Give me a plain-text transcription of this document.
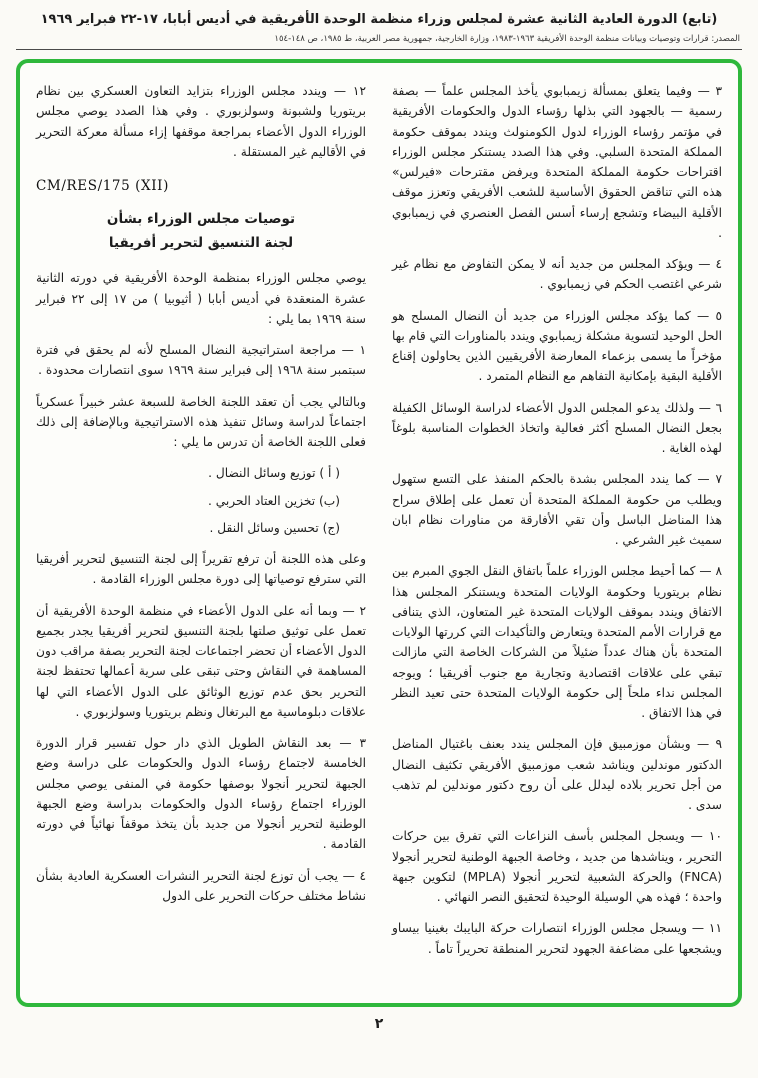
(تابع) الدورة العادية الثانية عشرة لمجلس وزراء منظمة الوحدة الأفريقية في أديس أبابا، ١٧-٢٢ فبراير ١٩٦٩
المصدر: قرارات وتوصيات وبيانات منظمة الوحدة الأفريقية ١٩٦٣-١٩٨٣، وزارة الخارجية، جمهورية مصر العربية، ط ١٩٨٥، ص ١٤٨-١٥٤

٣ — وفيما يتعلق بمسألة زيمبابوي يأخذ المجلس علماً — بصفة رسمية — بالجهود التي بذلها رؤساء الدول والحكومات الأفريقية في مؤتمر رؤساء الوزراء لدول الكومنولث ويندد بموقف حكومة المملكة المتحدة السلبي. وفي هذا الصدد يستنكر مجلس الوزراء اقتراحات حكومة المملكة المتحدة ويرفض مقترحات «فيرلس» هذه التي تناقض الحقوق الأساسية للشعب الأفريقي وتعزز موقف الأقلية البيضاء وتشجع إرساء أسس الفصل العنصري في زيمبابوي .

٤ — ويؤكد المجلس من جديد أنه لا يمكن التفاوض مع نظام غير شرعي اغتصب الحكم في زيمبابوي .

٥ — كما يؤكد مجلس الوزراء من جديد أن النضال المسلح هو الحل الوحيد لتسوية مشكلة زيمبابوي ويندد بالمناورات التي قام بها مؤخراً ما يسمى بزعماء المعارضة الأفريقيين الذين يحاولون إقناع الأقلية البقية بإمكانية التفاهم مع النظام المتمرد .

٦ — ولذلك يدعو المجلس الدول الأعضاء لدراسة الوسائل الكفيلة بجعل النضال المسلح أكثر فعالية واتخاذ الخطوات المناسبة بلوغاً لهذه الغاية .

٧ — كما يندد المجلس بشدة بالحكم المنفذ على التسع ستهول ويطلب من حكومة المملكة المتحدة أن تعمل على إطلاق سراح هذا المناضل الباسل وأن تقي الأفارقة من مناورات نظام ابان سميث غير الشرعي .

٨ — كما أحيط مجلس الوزراء علماً باتفاق النقل الجوي المبرم بين نظام بريتوريا وحكومة الولايات المتحدة ويستنكر المجلس هذا الاتفاق ويندد بموقف الولايات المتحدة غير المتعاون، الذي يتنافى مع قرارات الأمم المتحدة ويتعارض والتأكيدات التي كررتها الولايات المتحدة بأن هناك عدداً ضئيلاً من الشركات الخاصة التي مازالت تبقي على علاقات اقتصادية وتجارية مع جنوب أفريقيا ؛ ويوجه المجلس نداء ملحاً إلى حكومة الولايات المتحدة حتى تعيد النظر في هذا الاتفاق .

٩ — وبشأن موزمبيق فإن المجلس يندد بعنف باغتيال المناضل الدكتور موندلين ويناشد شعب موزمبيق الأفريقي تكثيف النضال من أجل تحرير بلاده ليدلل على أن روح دكتور موندلين لم تذهب سدى .

١٠ — ويسجل المجلس بأسف النزاعات التي تفرق بين حركات التحرير ، ويناشدها من جديد ، وخاصة الجبهة الوطنية لتحرير أنجولا (FNCA) والحركة الشعبية لتحرير أنجولا (MPLA) لتكوين جبهة واحدة ؛ فهذه هي الوسيلة الوحيدة لتحقيق النصر النهائي .

١١ — ويسجل مجلس الوزراء انتصارات حركة البايبك بغينيا بيساو ويشجعها على مضاعفة الجهود لتحرير المنطقة تحريراً تاماً .

١٢ — ويندد مجلس الوزراء بتزايد التعاون العسكري بين نظام بريتوريا ولشبونة وسولزبوري . وفي هذا الصدد يوصي مجلس الوزراء الدول الأعضاء بمراجعة موقفها إزاء مسألة معركة التحرير في الأقاليم غير المستقلة .

CM/RES/175 (XII)
توصيات مجلس الوزراء بشأن
لجنة التنسيق لتحرير أفريقيا

يوصي مجلس الوزراء بمنظمة الوحدة الأفريقية في دورته الثانية عشرة المنعقدة في أديس أبابا ( أثيوبيا ) من ١٧ إلى ٢٢ فبراير سنة ١٩٦٩ بما يلي :

١ — مراجعة استراتيجية النضال المسلح لأنه لم يحقق في فترة سبتمبر سنة ١٩٦٨ إلى فبراير سنة ١٩٦٩ سوى انتصارات محدودة .

وبالتالي يجب أن تعقد اللجنة الخاصة للسبعة عشر خبيراً عسكرياً اجتماعاً لدراسة وسائل تنفيذ هذه الاستراتيجية وبالإضافة إلى ذلك فعلى اللجنة الخاصة أن تدرس ما يلي :

( أ ) توزيع وسائل النضال .

(ب) تخزين العتاد الحربي .

(ج) تحسين وسائل النقل .

وعلى هذه اللجنة أن ترفع تقريراً إلى لجنة التنسيق لتحرير أفريقيا التي سترفع توصياتها إلى دورة مجلس الوزراء القادمة .

٢ — وبما أنه على الدول الأعضاء في منظمة الوحدة الأفريقية أن تعمل على توثيق صلتها بلجنة التنسيق لتحرير أفريقيا يجدر بجميع الدول الأعضاء أن تحضر اجتماعات لجنة التحرير بصفة مراقب دون المساهمة في النقاش وحتى تبقى على سرية أعمالها تحتفظ لجنة التحرير بحق عدم توزيع الوثائق على الدول الأعضاء التي لها علاقات دبلوماسية مع البرتغال ونظم بريتوريا وسولزبوري .

٣ — بعد النقاش الطويل الذي دار حول تفسير قرار الدورة الخامسة لاجتماع رؤساء الدول والحكومات على دراسة وضع الجبهة لتحرير أنجولا بوصفها حكومة في المنفى يوصي مجلس الوزراء اجتماع رؤساء الدول والحكومات بدراسة وضع الجبهة الوطنية لتحرير أنجولا من جديد بأن يتخذ موقفاً نهائياً في دورته القادمة .

٤ — يجب أن توزع لجنة التحرير النشرات العسكرية العادية بشأن نشاط مختلف حركات التحرير على الدول

٢
